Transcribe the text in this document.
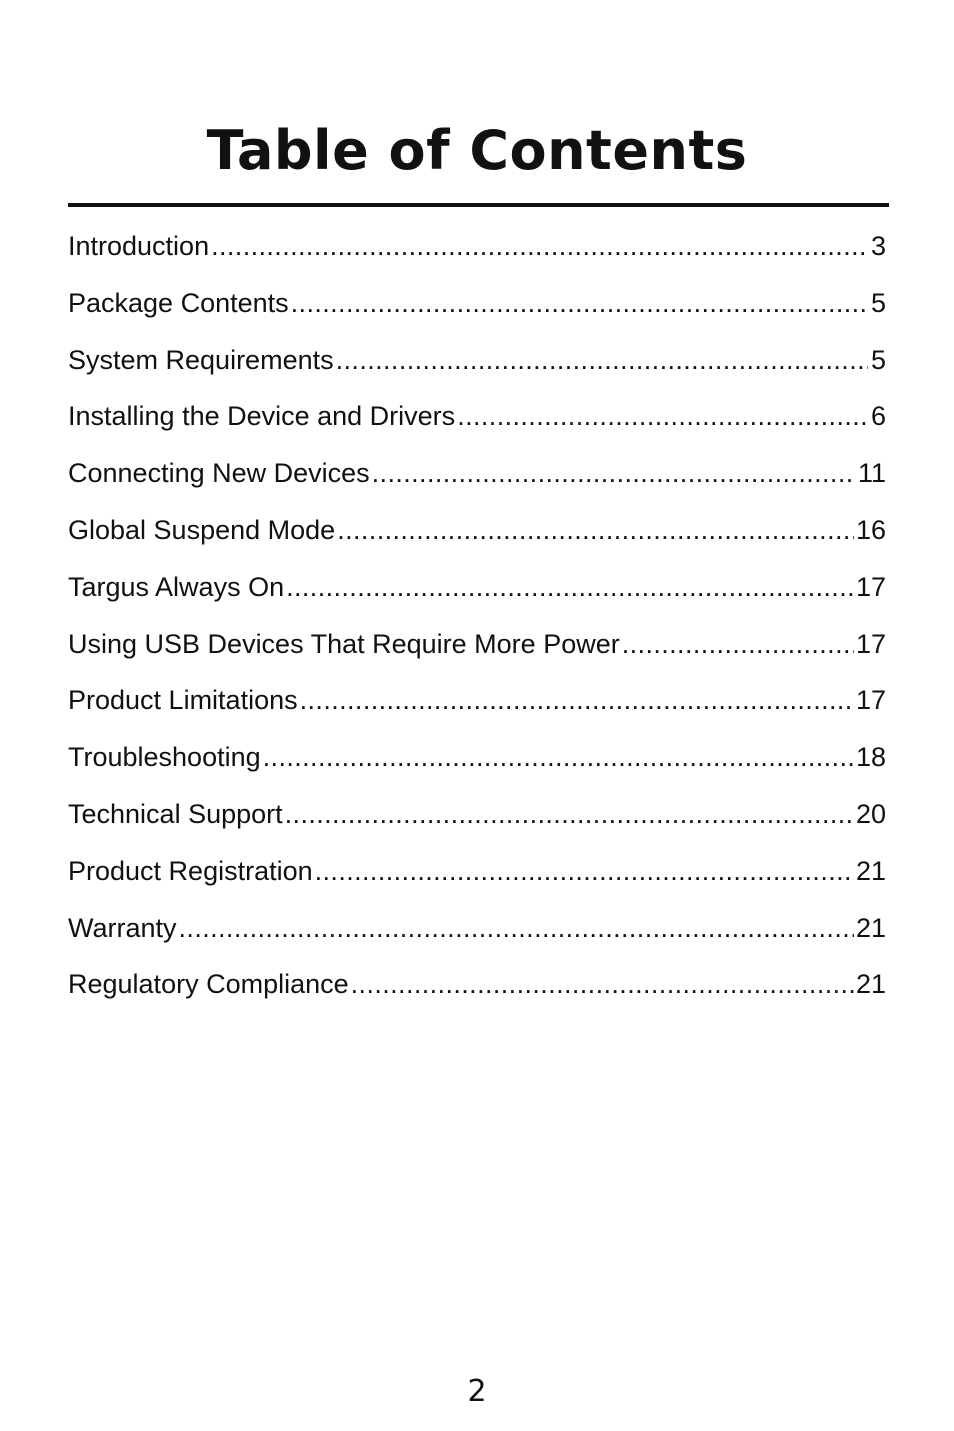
Table of Contents
Introduction .....	3
Package Contents .....	5
System Requirements .....	5
Installing the Device and Drivers .....	6
Connecting New Devices .....	11
Global Suspend Mode .....	16
Targus Always On .....	17
Using USB Devices That Require More Power .....	17
Product Limitations .....	17
Troubleshooting .....	18
Technical Support .....	20
Product Registration .....	21
Warranty .....	21
Regulatory Compliance .....	21
2
